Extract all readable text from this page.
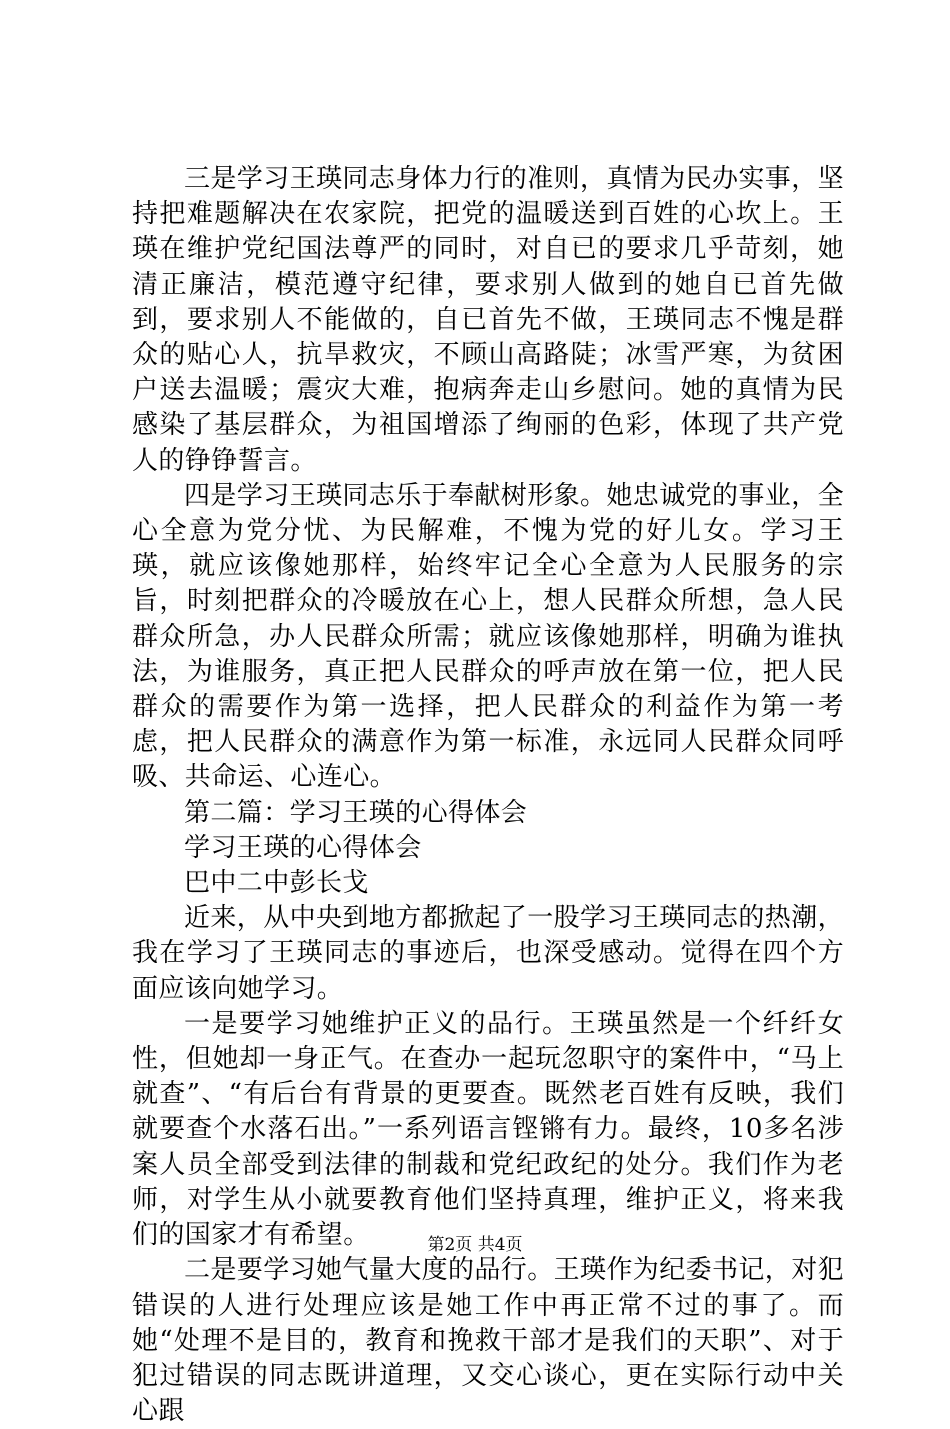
三是学习王瑛同志身体力行的准则，真情为民办实事，坚持把难题解决在农家院，把党的温暖送到百姓的心坎上。王瑛在维护党纪国法尊严的同时，对自已的要求几乎苛刻，她清正廉洁，模范遵守纪律，要求别人做到的她自已首先做到，要求别人不能做的，自已首先不做，王瑛同志不愧是群众的贴心人，抗旱救灾，不顾山高路陡；冰雪严寒，为贫困户送去温暖；震灾大难，抱病奔走山乡慰问。她的真情为民感染了基层群众，为祖国增添了绚丽的色彩，体现了共产党人的铮铮誓言。

四是学习王瑛同志乐于奉献树形象。她忠诚党的事业，全心全意为党分忧、为民解难，不愧为党的好儿女。学习王瑛，就应该像她那样，始终牢记全心全意为人民服务的宗旨，时刻把群众的冷暖放在心上，想人民群众所想，急人民群众所急，办人民群众所需；就应该像她那样，明确为谁执法，为谁服务，真正把人民群众的呼声放在第一位，把人民群众的需要作为第一选择，把人民群众的利益作为第一考虑，把人民群众的满意作为第一标准，永远同人民群众同呼吸、共命运、心连心。

第二篇：学习王瑛的心得体会

学习王瑛的心得体会

巴中二中彭长戈

近来，从中央到地方都掀起了一股学习王瑛同志的热潮，我在学习了王瑛同志的事迹后，也深受感动。觉得在四个方面应该向她学习。

一是要学习她维护正义的品行。王瑛虽然是一个纤纤女性，但她却一身正气。在查办一起玩忽职守的案件中，“马上就查”、“有后台有背景的更要查。既然老百姓有反映，我们就要查个水落石出。”一系列语言铿锵有力。最终，10多名涉案人员全部受到法律的制裁和党纪政纪的处分。我们作为老师，对学生从小就要教育他们坚持真理，维护正义，将来我们的国家才有希望。

二是要学习她气量大度的品行。王瑛作为纪委书记，对犯错误的人进行处理应该是她工作中再正常不过的事了。而她“处理不是目的，教育和挽救干部才是我们的天职”、对于犯过错误的同志既讲道理，又交心谈心，更在实际行动中关心跟

第2页 共4页
